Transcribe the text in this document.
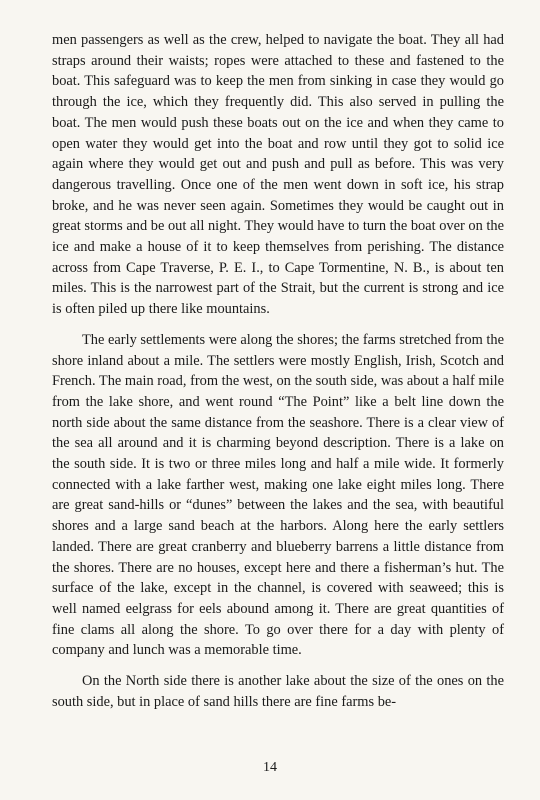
men passengers as well as the crew, helped to navigate the boat. They all had straps around their waists; ropes were attached to these and fastened to the boat. This safeguard was to keep the men from sinking in case they would go through the ice, which they frequently did. This also served in pulling the boat. The men would push these boats out on the ice and when they came to open water they would get into the boat and row until they got to solid ice again where they would get out and push and pull as before. This was very dangerous travelling. Once one of the men went down in soft ice, his strap broke, and he was never seen again. Sometimes they would be caught out in great storms and be out all night. They would have to turn the boat over on the ice and make a house of it to keep themselves from perishing. The distance across from Cape Traverse, P. E. I., to Cape Tormentine, N. B., is about ten miles. This is the narrowest part of the Strait, but the current is strong and ice is often piled up there like mountains.

The early settlements were along the shores; the farms stretched from the shore inland about a mile. The settlers were mostly English, Irish, Scotch and French. The main road, from the west, on the south side, was about a half mile from the lake shore, and went round “The Point” like a belt line down the north side about the same distance from the seashore. There is a clear view of the sea all around and it is charming beyond description. There is a lake on the south side. It is two or three miles long and half a mile wide. It formerly connected with a lake farther west, making one lake eight miles long. There are great sand-hills or “dunes” between the lakes and the sea, with beautiful shores and a large sand beach at the harbors. Along here the early settlers landed. There are great cranberry and blueberry barrens a little distance from the shores. There are no houses, except here and there a fisherman’s hut. The surface of the lake, except in the channel, is covered with seaweed; this is well named eelgrass for eels abound among it. There are great quantities of fine clams all along the shore. To go over there for a day with plenty of company and lunch was a memorable time.

On the North side there is another lake about the size of the ones on the south side, but in place of sand hills there are fine farms be-

14
